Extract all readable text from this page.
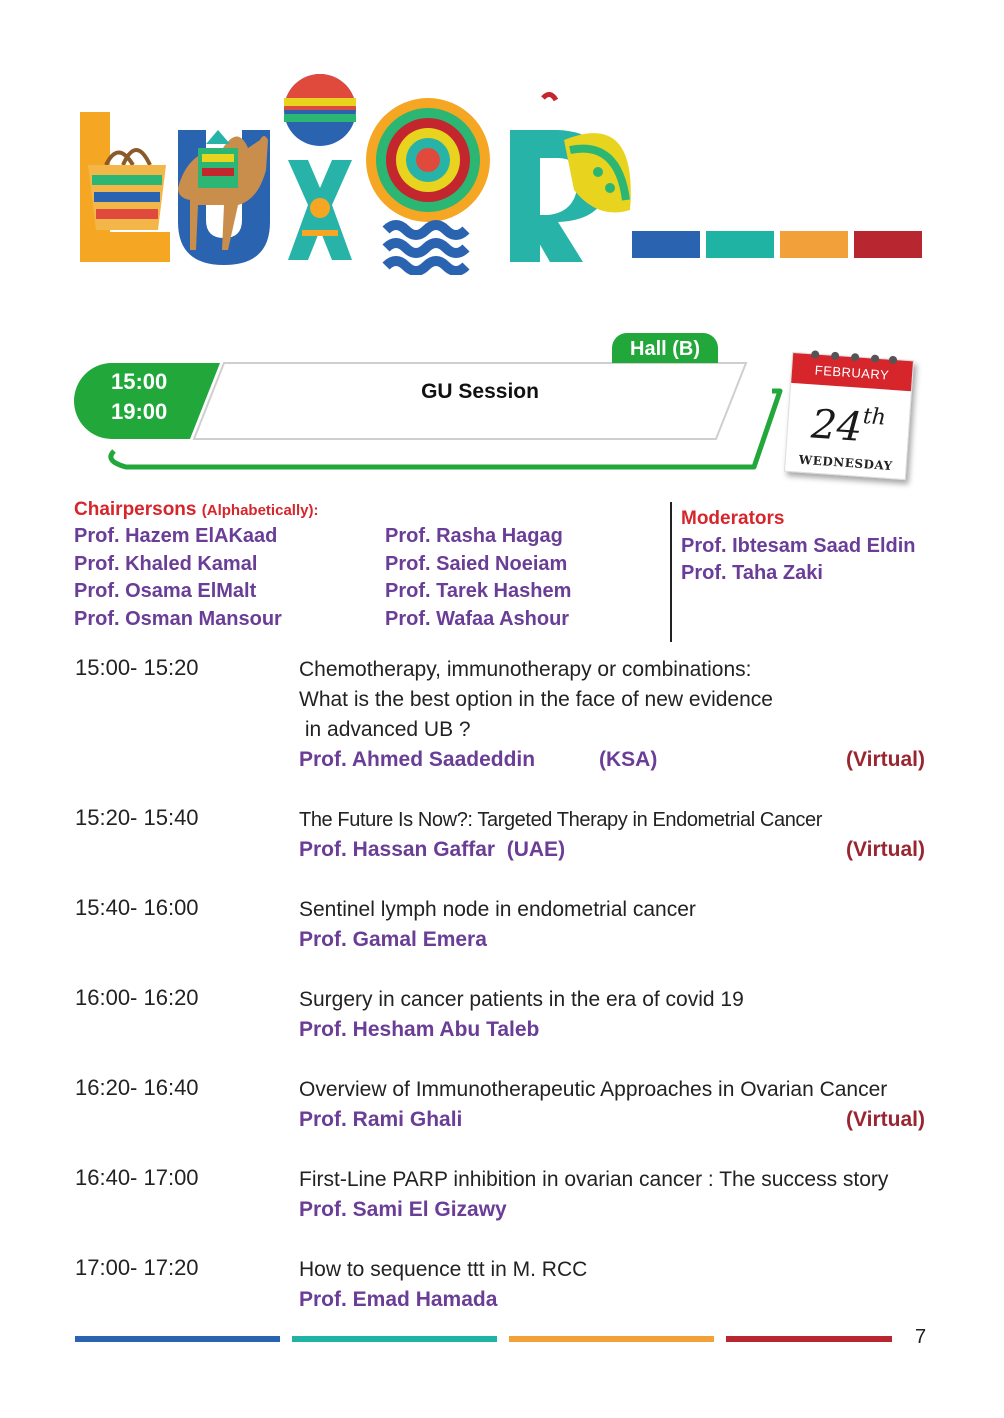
Hall (B)
15:00
19:00
GU Session
FEBRUARY
24th
WEDNESDAY
Chairpersons (Alphabetically):
Prof. Hazem ElAKaad
Prof. Khaled Kamal
Prof. Osama ElMalt
Prof. Osman Mansour
Prof. Rasha Hagag
Prof. Saied Noeiam
Prof. Tarek Hashem
Prof. Wafaa Ashour
Moderators
Prof. Ibtesam Saad Eldin
Prof. Taha Zaki
15:00- 15:20	Chemotherapy, immunotherapy or combinations:
What is the best option in the face of new evidence
in advanced UB ?
Prof. Ahmed Saadeddin	(KSA)	(Virtual)
15:20- 15:40	The Future Is Now?: Targeted Therapy in Endometrial Cancer
Prof. Hassan Gaffar  (UAE)	(Virtual)
15:40- 16:00	Sentinel lymph node in endometrial cancer
Prof. Gamal Emera
16:00- 16:20	Surgery in cancer patients in the era of covid 19
Prof. Hesham Abu Taleb
16:20- 16:40	Overview of Immunotherapeutic Approaches in Ovarian Cancer
Prof. Rami Ghali	(Virtual)
16:40- 17:00	First-Line PARP inhibition in ovarian cancer : The success story
Prof. Sami El Gizawy
17:00- 17:20	How to sequence ttt in M. RCC
Prof. Emad Hamada
7
